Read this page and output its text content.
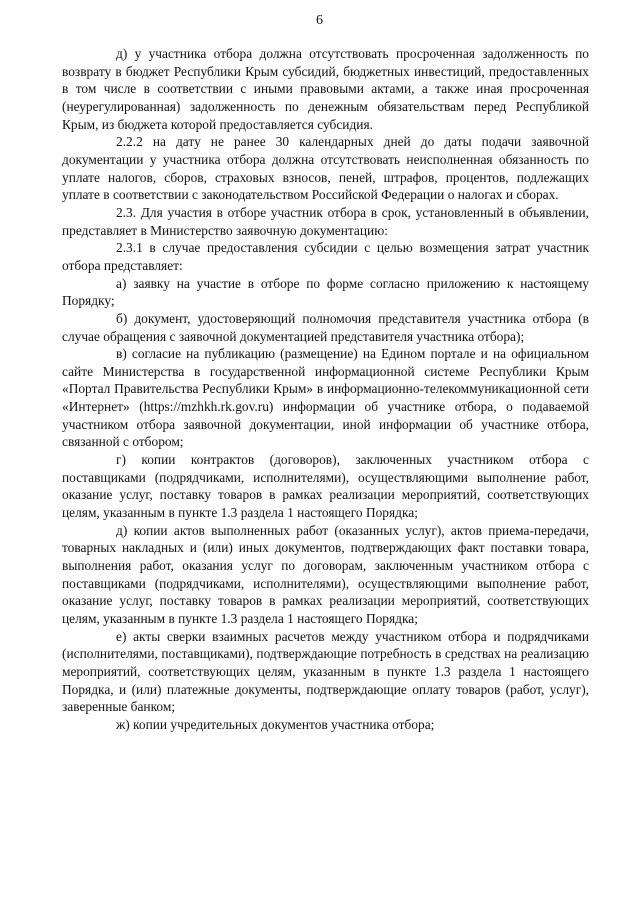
6

д) у участника отбора должна отсутствовать просроченная задолженность по возврату в бюджет Республики Крым субсидий, бюджетных инвестиций, предоставленных в том числе в соответствии с иными правовыми актами, а также иная просроченная (неурегулированная) задолженность по денежным обязательствам перед Республикой Крым, из бюджета которой предоставляется субсидия.

2.2.2 на дату не ранее 30 календарных дней до даты подачи заявочной документации у участника отбора должна отсутствовать неисполненная обязанность по уплате налогов, сборов, страховых взносов, пеней, штрафов, процентов, подлежащих уплате в соответствии с законодательством Российской Федерации о налогах и сборах.

2.3. Для участия в отборе участник отбора в срок, установленный в объявлении, представляет в Министерство заявочную документацию:

2.3.1 в случае предоставления субсидии с целью возмещения затрат участник отбора представляет:

а) заявку на участие в отборе по форме согласно приложению к настоящему Порядку;

б) документ, удостоверяющий полномочия представителя участника отбора (в случае обращения с заявочной документацией представителя участника отбора);

в) согласие на публикацию (размещение) на Едином портале и на официальном сайте Министерства в государственной информационной системе Республики Крым «Портал Правительства Республики Крым» в информационно-телекоммуникационной сети «Интернет» (https://mzhkh.rk.gov.ru) информации об участнике отбора, о подаваемой участником отбора заявочной документации, иной информации об участнике отбора, связанной с отбором;

г) копии контрактов (договоров), заключенных участником отбора с поставщиками (подрядчиками, исполнителями), осуществляющими выполнение работ, оказание услуг, поставку товаров в рамках реализации мероприятий, соответствующих целям, указанным в пункте 1.3 раздела 1 настоящего Порядка;

д) копии актов выполненных работ (оказанных услуг), актов приема-передачи, товарных накладных и (или) иных документов, подтверждающих факт поставки товара, выполнения работ, оказания услуг по договорам, заключенным участником отбора с поставщиками (подрядчиками, исполнителями), осуществляющими выполнение работ, оказание услуг, поставку товаров в рамках реализации мероприятий, соответствующих целям, указанным в пункте 1.3 раздела 1 настоящего Порядка;

е) акты сверки взаимных расчетов между участником отбора и подрядчиками (исполнителями, поставщиками), подтверждающие потребность в средствах на реализацию мероприятий, соответствующих целям, указанным в пункте 1.3 раздела 1 настоящего Порядка, и (или) платежные документы, подтверждающие оплату товаров (работ, услуг), заверенные банком;

ж) копии учредительных документов участника отбора;
